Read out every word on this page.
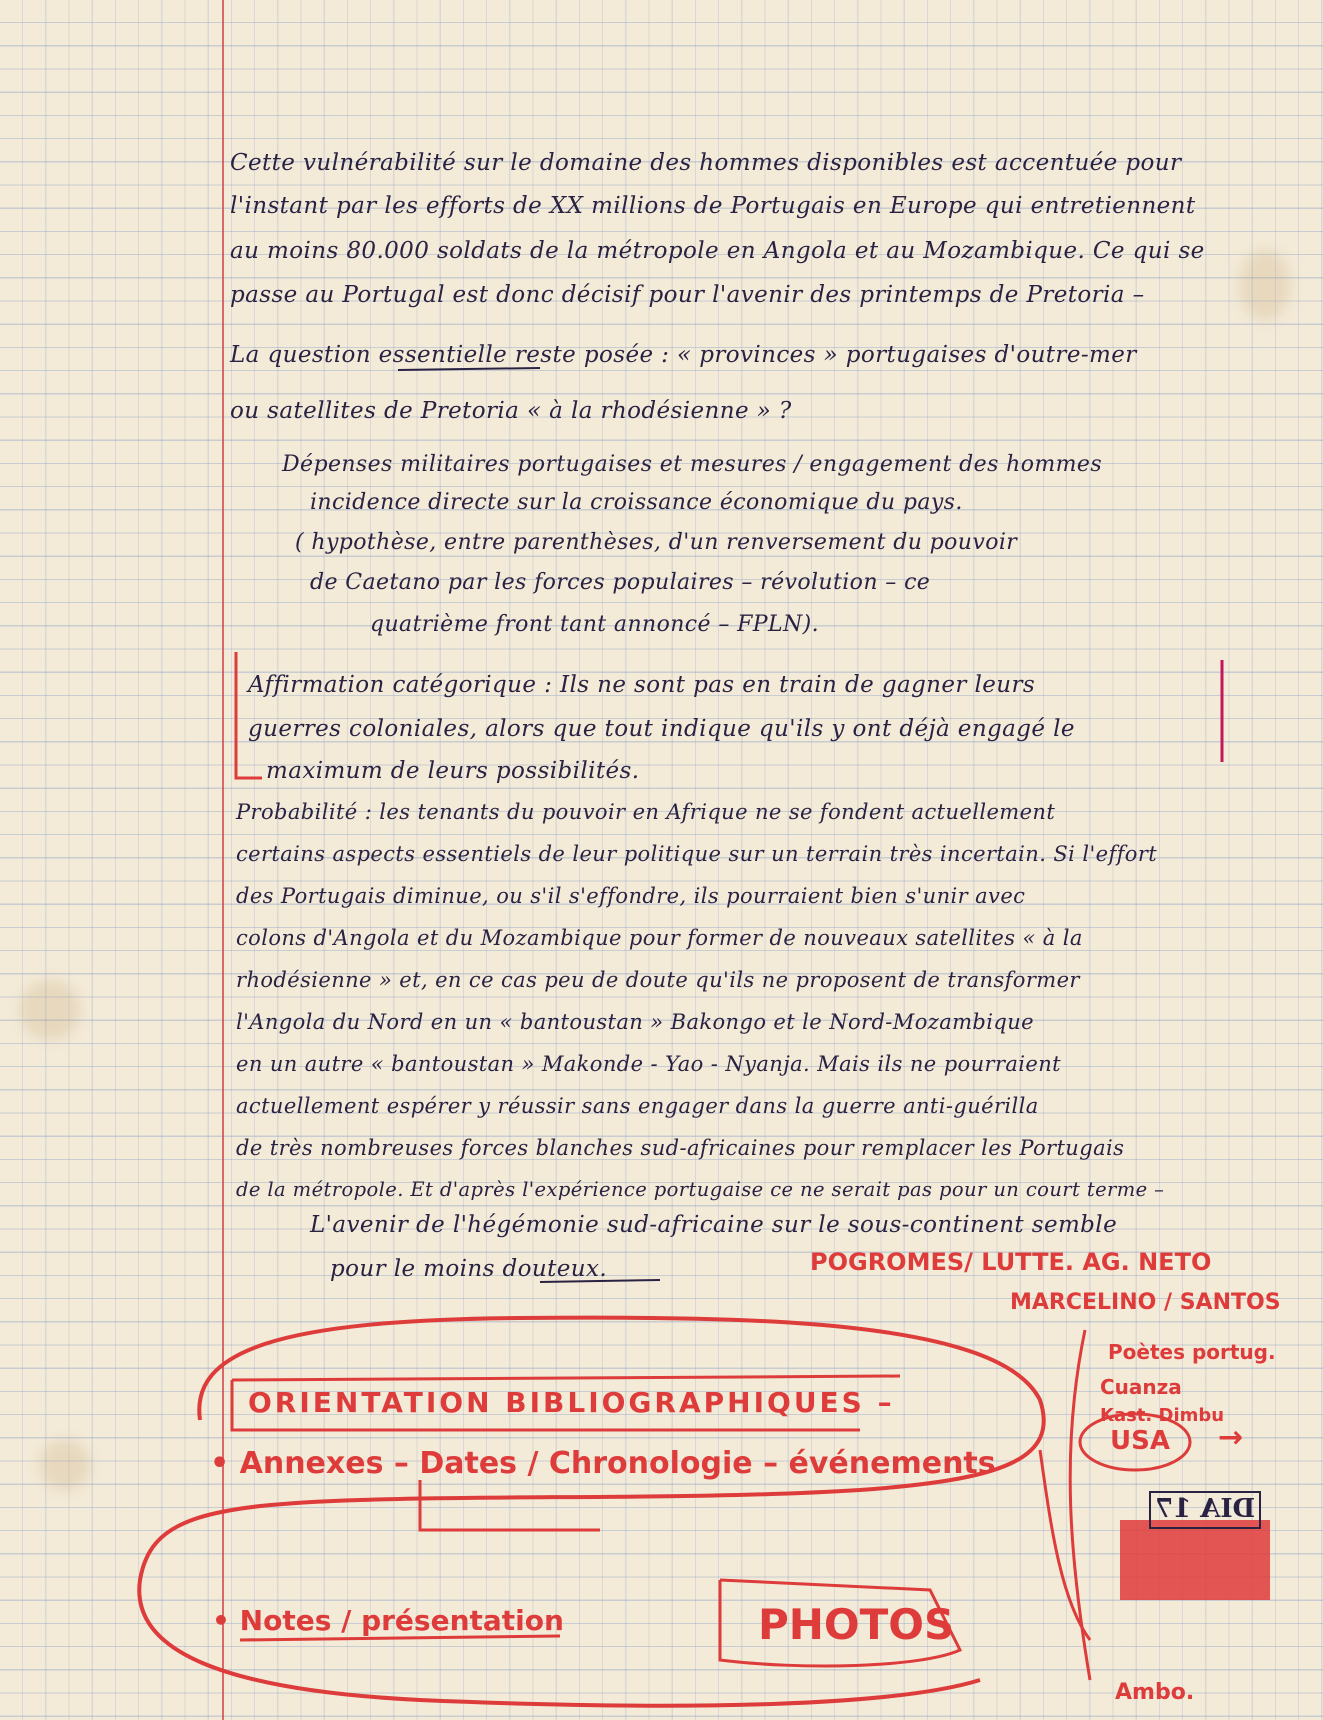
Cette vulnérabilité sur le domaine des hommes disponibles est accentuée pour
l'instant par les efforts de XX millions de Portugais en Europe qui entretiennent
au moins 80.000 soldats de la métropole en Angola et au Mozambique. Ce qui se
passe au Portugal est donc décisif pour l'avenir des printemps de Pretoria –
La question essentielle reste posée : « provinces » portugaises d'outre-mer
ou satellites de Pretoria « à la rhodésienne » ?
Dépenses militaires portugaises et mesures / engagement des hommes
incidence directe sur la croissance économique du pays.
( hypothèse, entre parenthèses, d'un renversement du pouvoir
de Caetano par les forces populaires – révolution – ce
quatrième front tant annoncé – FPLN).
Affirmation catégorique : Ils ne sont pas en train de gagner leurs
guerres coloniales, alors que tout indique qu'ils y ont déjà engagé le
maximum de leurs possibilités.
Probabilité : les tenants du pouvoir en Afrique ne se fondent actuellement
certains aspects essentiels de leur politique sur un terrain très incertain. Si l'effort
des Portugais diminue, ou s'il s'effondre, ils pourraient bien s'unir avec
colons d'Angola et du Mozambique pour former de nouveaux satellites « à la
rhodésienne » et, en ce cas peu de doute qu'ils ne proposent de transformer
l'Angola du Nord en un « bantoustan » Bakongo et le Nord-Mozambique
en un autre « bantoustan » Makonde - Yao - Nyanja. Mais ils ne pourraient
actuellement espérer y réussir sans engager dans la guerre anti-guérilla
de très nombreuses forces blanches sud-africaines pour remplacer les Portugais
de la métropole. Et d'après l'expérience portugaise ce ne serait pas pour un court terme –
L'avenir de l'hégémonie sud-africaine sur le sous-continent semble
pour le moins douteux.	POGROMES/ LUTTE. AG. NETO
MARCELINO / SANTOS
Poètes portug.
Cuanza
Kast. Dimbu
USA →
Ambo.
ORIENTATION BIBLIOGRAPHIQUES –
• Annexes – Dates / Chronologie – événements
• Notes / présentation	PHOTOS
DIA 17
